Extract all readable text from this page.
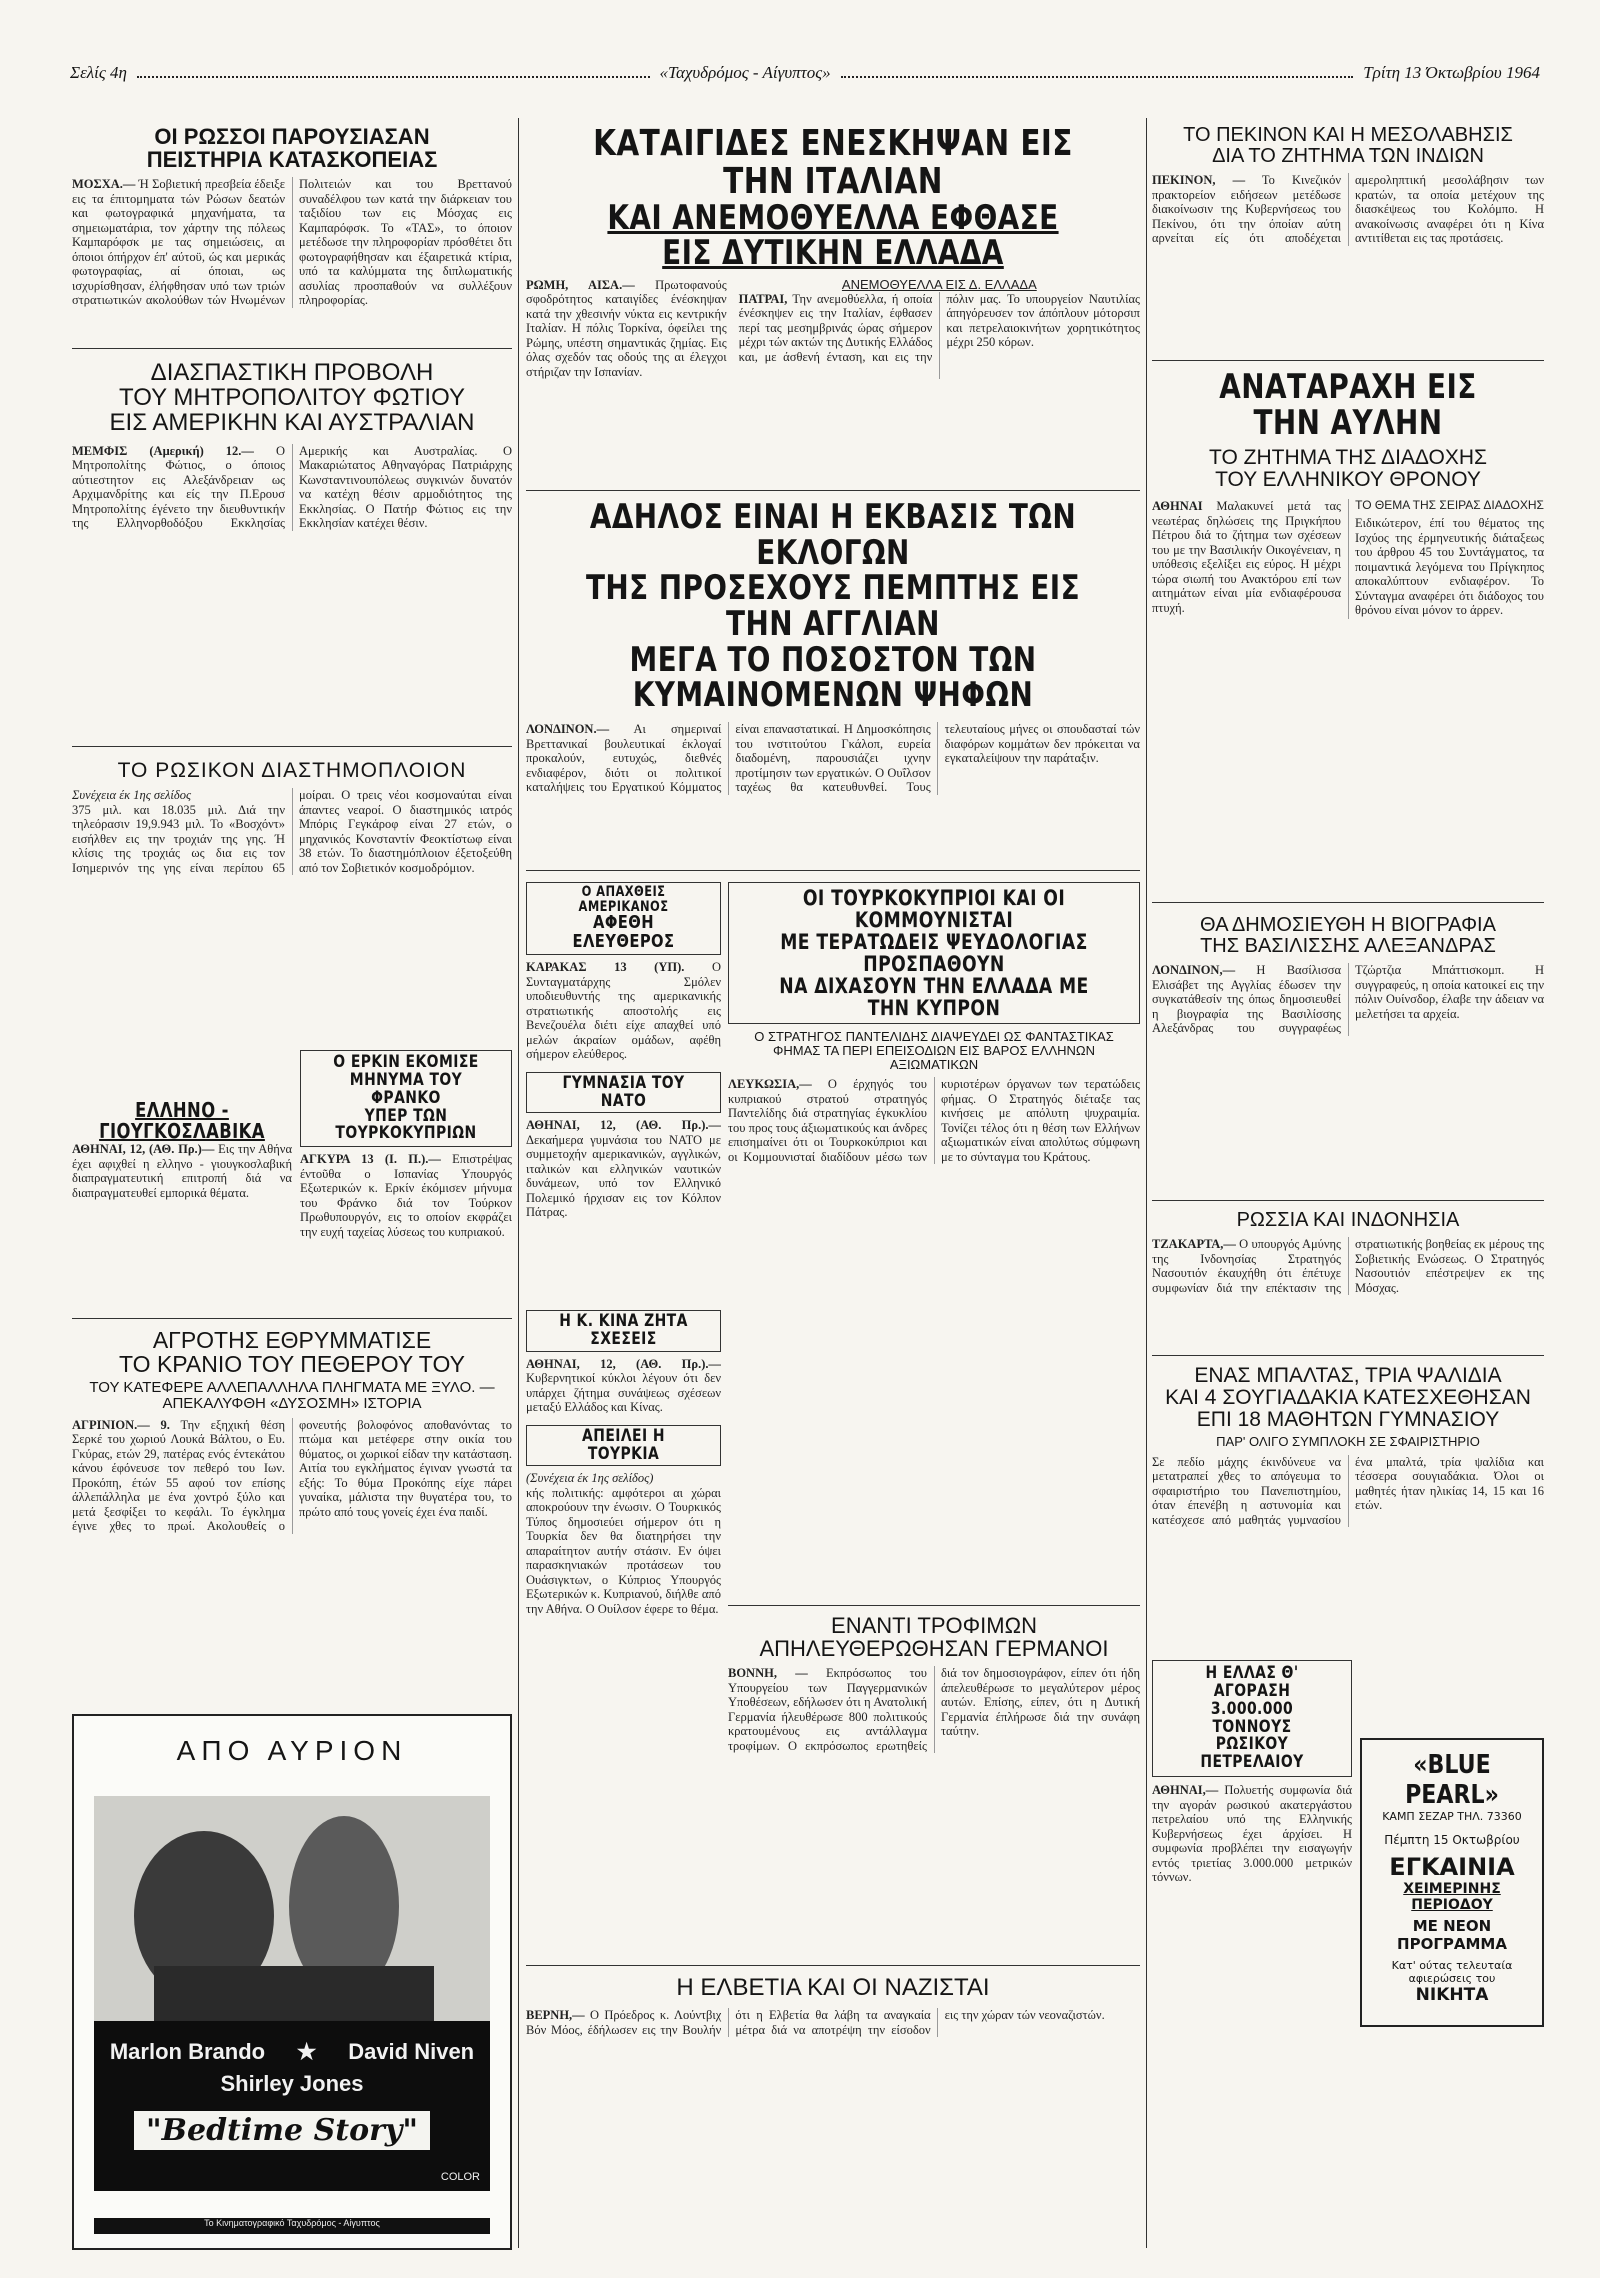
Σελίς 4η	«Ταχυδρόμος - Αίγυπτος»	Τρίτη 13 Όκτωβρίου 1964
ΟΙ ΡΩΣΣΟΙ ΠΑΡΟΥΣΙΑΣΑΝ
ΠΕΙΣΤΗΡΙΑ ΚΑΤΑΣΚΟΠΕΙΑΣ
ΜΟΣΧΑ.— Ή Σοβιετική πρεσβεία έδειξε εις τα έπιτομηματα τών Ρώσων δεατών και φωτογραφικά μηχανήματα, τα σημειωματάρια, τον χάρτην της πόλεως Καμπαρόφσκ με τας σημειώσεις, αι όποιοι όπήρχον έπ' αύτοϋ, ώς και μερικάς φωτογραφίας, αί όποιαι, ως ισχυρίσθησαν, έλήφθησαν υπό των τριών στρατιωτικών ακολούθων τών Ηνωμένων Πολιτειών και του Βρεττανού συναδέλφου των κατά την διάρκειαν του ταξιδίου των εις Μόσχας εις Καμπαρόφσκ. Το «ΤΑΣ», το όποιον μετέδωσε την πληροφορίαν πρόσθέτει δτι φωτογραφήθησαν και έξαιρετικά κτίρια, υπό τα καλύμματα της διπλωματικής ασυλίας προσπαθούν να συλλέξουν πληροφορίας.
ΔΙΑΣΠΑΣΤΙΚΗ ΠΡΟΒΟΛΗ
ΤΟΥ ΜΗΤΡΟΠΟΛΙΤΟΥ ΦΩΤΙΟΥ
ΕΙΣ ΑΜΕΡΙΚΗΝ ΚΑΙ ΑΥΣΤΡΑΛΙΑΝ
ΜΕΜΦΙΣ (Αμερική) 12.— Ο Μητροπολίτης Φώτιος, ο όποιος αύτιεστητον εις Αλεξάνδρειαν ως Αρχιμανδρίτης και είς την Π.Ερουσ Μητροπολίτης έγένετο την διευθυντικήν της Ελληνορθοδόξου Εκκλησίας Αμερικής και Αυστραλίας. Ο Μακαριώτατος Αθηναγόρας Πατριάρχης Κωνσταντινουπόλεως συγκινών δυνατόν να κατέχη θέσιν αρμοδιότητος της Εκκλησίας. Ο Πατήρ Φώτιος εις την Εκκλησίαν κατέχει θέσιν.
ΤΟ ΡΩΣΙΚΟΝ ΔΙΑΣΤΗΜΟΠΛΟΙΟΝ
Συνέχεια έκ 1ης σελίδος
375 μιλ. και 18.035 μιλ. Διά την τηλεόρασιν 19,9.943 μιλ. Το «Βοσχόντ» εισήλθεν εις την τροχιάν της γης. Ή κλίσις της τροχιάς ως δια εις τον Ισημερινόν της γης είναι περίπου 65 μοίραι. Ο τρεις νέοι κοσμοναύται είναι άπαντες νεαροί. Ο διαστημικός ιατρός Μπόρις Γεγκάροφ είναι 27 ετών, ο μηχανικός Κονσταντίν Φεοκτίστωφ είναι 38 ετών. Το διαστημόπλοιον έξετοξεύθη από τον Σοβιετικόν κοσμοδρόμιον.
ΕΛΛΗΝΟ - ΓΙΟΥΓΚΟΣΛΑΒΙΚΑ
ΑΘΗΝΑΙ, 12, (ΑΘ. Πρ.)— Εις την Αθήνα έχει αφιχθεί η ελληνο - γιουγκοσλαβική διαπραγματευτική επιτροπή διά να διαπραγματευθεί εμπορικά θέματα.
Ο ΕΡΚΙΝ ΕΚΟΜΙΣΕ
ΜΗΝΥΜΑ ΤΟΥ ΦΡΑΝΚΟ
ΥΠΕΡ ΤΩΝ ΤΟΥΡΚΟΚΥΠΡΙΩΝ
ΑΓΚΥΡΑ 13 (Ι. Π.).— Επιστρέψας έντοῦθα ο Ισπανίας Υπουργός Εξωτερικών κ. Ερκίν έκόμισεν μήνυμα του Φράνκο διά τον Τούρκον Πρωθυπουργόν, εις το οποίον εκφράζει την ευχή ταχείας λύσεως του κυπριακού.
ΑΓΡΟΤΗΣ ΕΘΡΥΜΜΑΤΙΣΕ
ΤΟ ΚΡΑΝΙΟ ΤΟΥ ΠΕΘΕΡΟΥ ΤΟΥ
ΤΟΥ ΚΑΤΕΦΕΡΕ ΑΛΛΕΠΑΛΛΗΛΑ ΠΛΗΓΜΑΤΑ ΜΕ ΞΥΛΟ. — ΑΠΕΚΑΛΥΦΘΗ «ΔΥΣΟΣΜΗ» ΙΣΤΟΡΙΑ
ΑΓΡΙΝΙΟΝ.— 9. Την εξηχική θέση Σερκέ του χωριού Λουκά Βάλτου, ο Ευ. Γκύρας, ετών 29, πατέρας ενός έντεκάτου κάνου έφόνευσε τον πεθερό του Ιων. Προκόπη, έτών 55 αφού τον επίσης άλλεπάλληλα με ένα χοντρό ξύλο και μετά ξεσφίξει το κεφάλι. Το έγκλημα έγινε χθες το πρωί. Ακολουθείς ο φονευτής βολοφόνος αποθανόντας το πτώμα και μετέφερε στην οικία του θύματος, οι χωρικοί είδαν την κατάσταση. Αιτία του εγκλήματος έγιναν γνωστά τα εξής: Το θύμα Προκόπης είχε πάρει γυναίκα, μάλιστα την θυγατέρα του, το πρώτο από τους γονείς έχει ένα παιδί.
ΑΠΟ ΑΥΡΙΟΝ
Marlon Brando ★ David Niven
Shirley Jones
"Bedtime Story"
COLOR
Το Κινηματογραφικό Ταχυδρόμος - Αίγυπτος
ΚΑΤΑΙΓΙΔΕΣ ΕΝΕΣΚΗΨΑΝ ΕΙΣ ΤΗΝ ΙΤΑΛΙΑΝ
ΚΑΙ ΑΝΕΜΟΘΥΕΛΛΑ ΕΦΘΑΣΕ ΕΙΣ ΔΥΤΙΚΗΝ ΕΛΛΑΔΑ
ΡΩΜΗ, ΑΙΣΑ.— Πρωτοφανούς σφοδρότητος καταιγίδες ένέσκηψαν κατά την χθεσινήν νύκτα εις κεντρικήν Ιταλίαν. Η πόλις Τορκίνα, όφείλει της Ρώμης, υπέστη σημαντικάς ζημίας. Εις όλας σχεδόν τας οδούς της αι έλεγχοι στήριζαν την Ισπανίαν.
ΑΝΕΜΟΘΥΕΛΛΑ ΕΙΣ Δ. ΕΛΛΑΔΑ
ΠΑΤΡΑΙ, Την ανεμοθύελλα, ή οποία ένέσκηψεν εις την Ιταλίαν, έφθασεν περί τας μεσημβρινάς ώρας σήμερον μέχρι τών ακτών της Δυτικής Ελλάδος και, με άσθενή ένταση, και εις την πόλιν μας. Το υπουργείον Ναυτιλίας άπηγόρευσεν τον άπόπλουν μότορσιπ και πετρελαιοκινήτων χορητικότητος μέχρι 250 κόρων.
ΑΔΗΛΟΣ ΕΙΝΑΙ Η ΕΚΒΑΣΙΣ ΤΩΝ ΕΚΛΟΓΩΝ
ΤΗΣ ΠΡΟΣΕΧΟΥΣ ΠΕΜΠΤΗΣ ΕΙΣ ΤΗΝ ΑΓΓΛΙΑΝ
ΜΕΓΑ ΤΟ ΠΟΣΟΣΤΟΝ ΤΩΝ ΚΥΜΑΙΝΟΜΕΝΩΝ ΨΗΦΩΝ
ΛΟΝΔΙΝΟΝ.— Αι σημεριναί Βρεττανικαί βουλευτικαί έκλογαί προκαλούν, ευτυχώς, διεθνές ενδιαφέρον, διότι οι πολιτικοί καταλήψεις του Εργατικού Κόμματος είναι επαναστατικαί. Η Δημοσκόπησις του ινστιτούτου Γκάλοπ, ευρεία διαδομένη, παρουσιάζει ιχνην προτίμησιν των εργατικών. Ο Ουΐλσον ταχέως θα κατευθυνθεί. Τους τελευταίους μήνες οι σπουδασταί τών διαφόρων κομμάτων δεν πρόκειται να εγκαταλείψουν την παράταξιν.
Ο ΑΠΑΧΘΕΙΣ ΑΜΕΡΙΚΑΝΟΣ
ΑΦΕΘΗ ΕΛΕΥΘΕΡΟΣ
ΚΑΡΑΚΑΣ 13 (ΥΠ). Ο Συνταγματάρχης Σμόλεν υποδιευθυντής της αμερικανικής στρατιωτικής αποστολής εις Βενεζουέλα διέτι είχε απαχθεί υπό μελών άκραίων ομάδων, αφέθη σήμερον ελεύθερος.
ΓΥΜΝΑΣΙΑ ΤΟΥ ΝΑΤΟ
ΑΘΗΝΑΙ, 12, (ΑΘ. Πρ.).— Δεκαήμερα γυμνάσια του ΝΑΤΟ με συμμετοχήν αμερικανικών, αγγλικών, ιταλικών και ελληνικών ναυτικών δυνάμεων, υπό τον Ελληνικό Πολεμικό ήρχισαν εις τον Κόλπον Πάτρας.
ΟΙ ΤΟΥΡΚΟΚΥΠΡΙΟΙ ΚΑΙ ΟΙ ΚΟΜΜΟΥΝΙΣΤΑΙ
ΜΕ ΤΕΡΑΤΩΔΕΙΣ ΨΕΥΔΟΛΟΓΙΑΣ ΠΡΟΣΠΑΘΟΥΝ
ΝΑ ΔΙΧΑΣΟΥΝ ΤΗΝ ΕΛΛΑΔΑ ΜΕ ΤΗΝ ΚΥΠΡΟΝ
Ο ΣΤΡΑΤΗΓΟΣ ΠΑΝΤΕΛΙΔΗΣ ΔΙΑΨΕΥΔΕΙ ΩΣ ΦΑΝΤΑΣΤΙΚΑΣ ΦΗΜΑΣ ΤΑ ΠΕΡΙ ΕΠΕΙΣΟΔΙΩΝ ΕΙΣ ΒΑΡΟΣ ΕΛΛΗΝΩΝ ΑΞΙΩΜΑΤΙΚΩΝ
ΛΕΥΚΩΣΙΑ,— Ο έρχηγός του κυπριακού στρατού στρατηγός Παντελίδης διά στρατηγίας έγκυκλίου του προς τους άξιωματικούς και άνδρες επισημαίνει ότι οι Τουρκοκύπριοι και οι Κομμουνισταί διαδίδουν μέσω των κυριοτέρων όργανων των τερατώδεις φήμας. Ο Στρατηγός διέταξε τας κινήσεις με απόλυτη ψυχραιμία. Τονίζει τέλος ότι η θέση των Ελλήνων αξιωματικών είναι απολύτως σύμφωνη με το σύνταγμα του Κράτους.
Η Κ. ΚΙΝΑ ΖΗΤΑ ΣΧΕΣΕΙΣ
ΑΘΗΝΑΙ, 12, (ΑΘ. Πρ.).— Κυβερνητικοί κύκλοι λέγουν ότι δεν υπάρχει ζήτημα συνάψεως σχέσεων μεταξύ Ελλάδος και Κίνας.
ΑΠΕΙΛΕΙ Η ΤΟΥΡΚΙΑ
(Συνέχεια έκ 1ης σελίδος)
κής πολιτικής: αμφότεροι αι χώραι αποκρούουν την ένωσιν. Ο Τουρκικός Τύπος δημοσιεύει σήμερον ότι η Τουρκία δεν θα διατηρήσει την απαραίτητον αυτήν στάσιν. Εν όψει παρασκηνιακών προτάσεων του Ουάσιγκτων, ο Κύπριος Υπουργός Εξωτερικών κ. Κυπριανού, διήλθε από την Αθήνα. Ο Ουίλσον έφερε το θέμα.
ΕΝΑΝΤΙ ΤΡΟΦΙΜΩΝ
ΑΠΗΛΕΥΘΕΡΩΘΗΣΑΝ ΓΕΡΜΑΝΟΙ
ΒΟΝΝΗ, — Εκπρόσωπος του Υπουργείου των Παγγερμανικών Υποθέσεων, εδήλωσεν ότι η Ανατολική Γερμανία ήλευθέρωσε 800 πολιτικούς κρατουμένους εις αντάλλαγμα τροφίμων. Ο εκπρόσωπος ερωτηθείς διά τον δημοσιογράφον, είπεν ότι ήδη άπελευθέρωσε το μεγαλύτερον μέρος αυτών. Επίσης, είπεν, ότι η Δυτική Γερμανία έπλήρωσε διά την συνάφη ταύτην.
Η ΕΛΒΕΤΙΑ ΚΑΙ ΟΙ ΝΑΖΙΣΤΑΙ
ΒΕΡΝΗ,— Ο Πρόεδρος κ. Λούντβιχ Βόν Μόος, έδήλωσεν εις την Βουλήν ότι η Ελβετία θα λάβη τα αναγκαία μέτρα διά να αποτρέψη την είσοδον εις την χώραν τών νεοναζιστών.
ΤΟ ΠΕΚΙΝΟΝ ΚΑΙ Η ΜΕΣΟΛΑΒΗΣΙΣ
ΔΙΑ ΤΟ ΖΗΤΗΜΑ ΤΩΝ ΙΝΔΙΩΝ
ΠΕΚΙΝΟΝ, — Το Κινεζικόν πρακτορείον ειδήσεων μετέδωσε διακοίνωσιν της Κυβερνήσεως του Πεκίνου, ότι την όποίαν αύτη αρνείται είς ότι αποδέχεται αμεροληπτική μεσολάβησιν των κρατών, τα οποία μετέχουν της διασκέψεως του Κολόμπο. Η ανακοίνωσις αναφέρει ότι η Κίνα αντιτίθεται εις τας προτάσεις.
ΑΝΑΤΑΡΑΧΗ ΕΙΣ ΤΗΝ ΑΥΛΗΝ
ΤΟ ΖΗΤΗΜΑ ΤΗΣ ΔΙΑΔΟΧΗΣ
ΤΟΥ ΕΛΛΗΝΙΚΟΥ ΘΡΟΝΟΥ
ΑΘΗΝΑΙ Μαλακυνεί μετά τας νεωτέρας δηλώσεις της Πριγκήπου Πέτρου διά το ζήτημα των σχέσεων του με την Βασιλικήν Οικογένειαν, η υπόθεσις εξελίξει εις εύρος. Η μέχρι τώρα σιωπή του Ανακτόρου επί των αιτημάτων είναι μία ενδιαφέρουσα πτυχή.
ΤΟ ΘΕΜΑ ΤΗΣ ΣΕΙΡΑΣ ΔΙΑΔΟΧΗΣ
Ειδικώτερον, έπί του θέματος της Ισχύος της έρμηνευτικής διάταξεως του άρθρου 45 του Συντάγματος, τα ποιμαντικά λεγόμενα του Πρίγκηπος αποκαλύπτουν ενδιαφέρον. Το Σύνταγμα αναφέρει ότι διάδοχος του θρόνου είναι μόνον το άρρεν.
ΘΑ ΔΗΜΟΣΙΕΥΘΗ Η ΒΙΟΓΡΑΦΙΑ
ΤΗΣ ΒΑΣΙΛΙΣΣΗΣ ΑΛΕΞΑΝΔΡΑΣ
ΛΟΝΔΙΝΟΝ,— Η Βασίλισσα Ελισάβετ της Αγγλίας έδωσεν την συγκατάθεσίν της όπως δημοσιευθεί η βιογραφία της Βασιλίσσης Αλεξάνδρας του συγγραφέως Τζώρτζια Μπάττισκομπ. Η συγγραφεύς, η οποία κατοικεί εις την πόλιν Ουίνσδορ, έλαβε την άδειαν να μελετήσει τα αρχεία.
ΡΩΣΣΙΑ ΚΑΙ ΙΝΔΟΝΗΣΙΑ
ΤΖΑΚΑΡΤΑ,— Ο υπουργός Αμύνης της Ινδονησίας Στρατηγός Νασουτιόν έκαυχήθη ότι έπέτυχε συμφωνίαν διά την επέκτασιν της στρατιωτικής βοηθείας εκ μέρους της Σοβιετικής Ενώσεως. Ο Στρατηγός Νασουτιόν επέστρεψεν εκ της Μόσχας.
ΕΝΑΣ ΜΠΑΛΤΑΣ, ΤΡΙΑ ΨΑΛΙΔΙΑ
ΚΑΙ 4 ΣΟΥΓΙΑΔΑΚΙΑ ΚΑΤΕΣΧΕΘΗΣΑΝ
ΕΠΙ 18 ΜΑΘΗΤΩΝ ΓΥΜΝΑΣΙΟΥ
ΠΑΡ' ΟΛΙΓΟ ΣΥΜΠΛΟΚΗ ΣΕ ΣΦΑΙΡΙΣΤΗΡΙΟ
Σε πεδίο μάχης έκινδύνευε να μετατραπεί χθες το απόγευμα το σφαιριστήριο του Πανεπιστημίου, όταν έπενέβη η αστυνομία και κατέσχεσε από μαθητάς γυμνασίου ένα μπαλτά, τρία ψαλίδια και τέσσερα σουγιαδάκια. Όλοι οι μαθητές ήταν ηλικίας 14, 15 και 16 ετών.
Η ΕΛΛΑΣ Θ' ΑΓΟΡΑΣΗ
3.000.000 ΤΟΝΝΟΥΣ
ΡΩΣΙΚΟΥ ΠΕΤΡΕΛΑΙΟΥ
ΑΘΗΝΑΙ,— Πολυετής συμφωνία διά την αγοράν ρωσικού ακατεργάστου πετρελαίου υπό της Ελληνικής Κυβερνήσεως έχει άρχίσει. Η συμφωνία προβλέπει την εισαγωγήν εντός τριετίας 3.000.000 μετρικών τόννων.
«BLUE PEARL»
ΚΑΜΠ ΣΕΖΑΡ ΤΗΛ. 73360
Πέμπτη 15 Οκτωβρίου
ΕΓΚΑΙΝΙΑ
ΧΕΙΜΕΡΙΝΗΣ ΠΕΡΙΟΔΟΥ
ΜΕ ΝΕΟΝ ΠΡΟΓΡΑΜΜΑ
Κατ' ούτας τελευταία αφιερώσεις του
ΝΙΚΗΤΑ
